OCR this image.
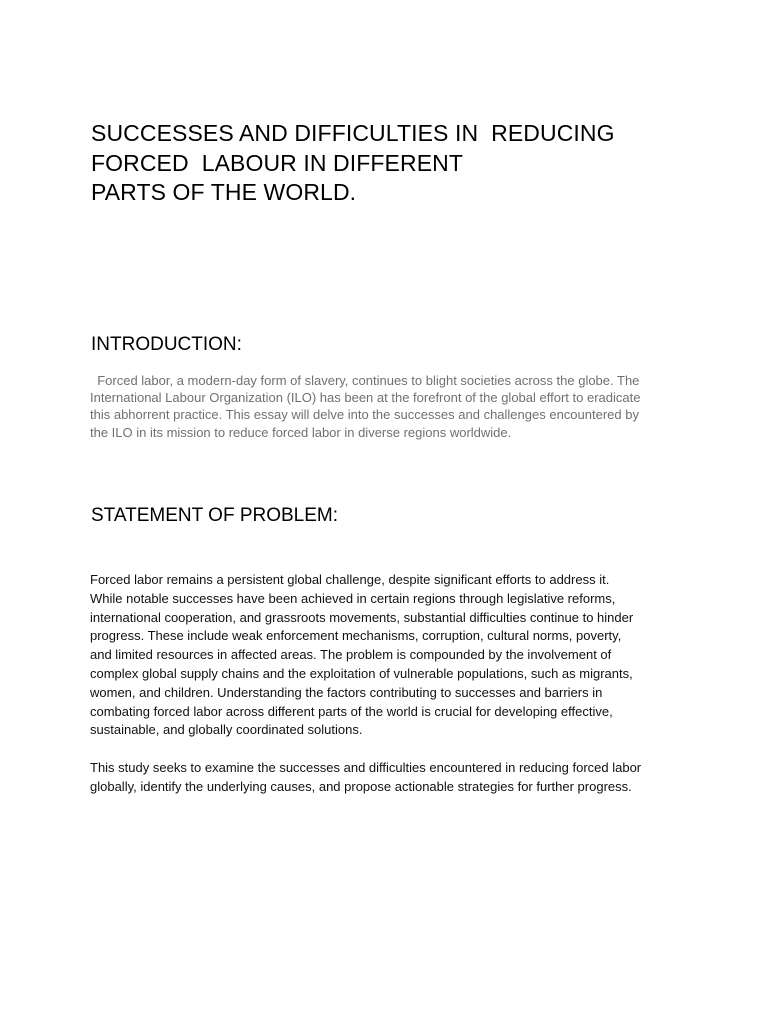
SUCCESSES AND DIFFICULTIES IN  REDUCING
FORCED  LABOUR IN DIFFERENT
PARTS OF THE WORLD.
INTRODUCTION:

Forced labor, a modern-day form of slavery, continues to blight societies across the globe. The
International Labour Organization (ILO) has been at the forefront of the global effort to eradicate
this abhorrent practice. This essay will delve into the successes and challenges encountered by
the ILO in its mission to reduce forced labor in diverse regions worldwide.

STATEMENT OF PROBLEM:

Forced labor remains a persistent global challenge, despite significant efforts to address it.
While notable successes have been achieved in certain regions through legislative reforms,
international cooperation, and grassroots movements, substantial difficulties continue to hinder
progress. These include weak enforcement mechanisms, corruption, cultural norms, poverty,
and limited resources in affected areas. The problem is compounded by the involvement of
complex global supply chains and the exploitation of vulnerable populations, such as migrants,
women, and children. Understanding the factors contributing to successes and barriers in
combating forced labor across different parts of the world is crucial for developing effective,
sustainable, and globally coordinated solutions.

This study seeks to examine the successes and difficulties encountered in reducing forced labor
globally, identify the underlying causes, and propose actionable strategies for further progress.
